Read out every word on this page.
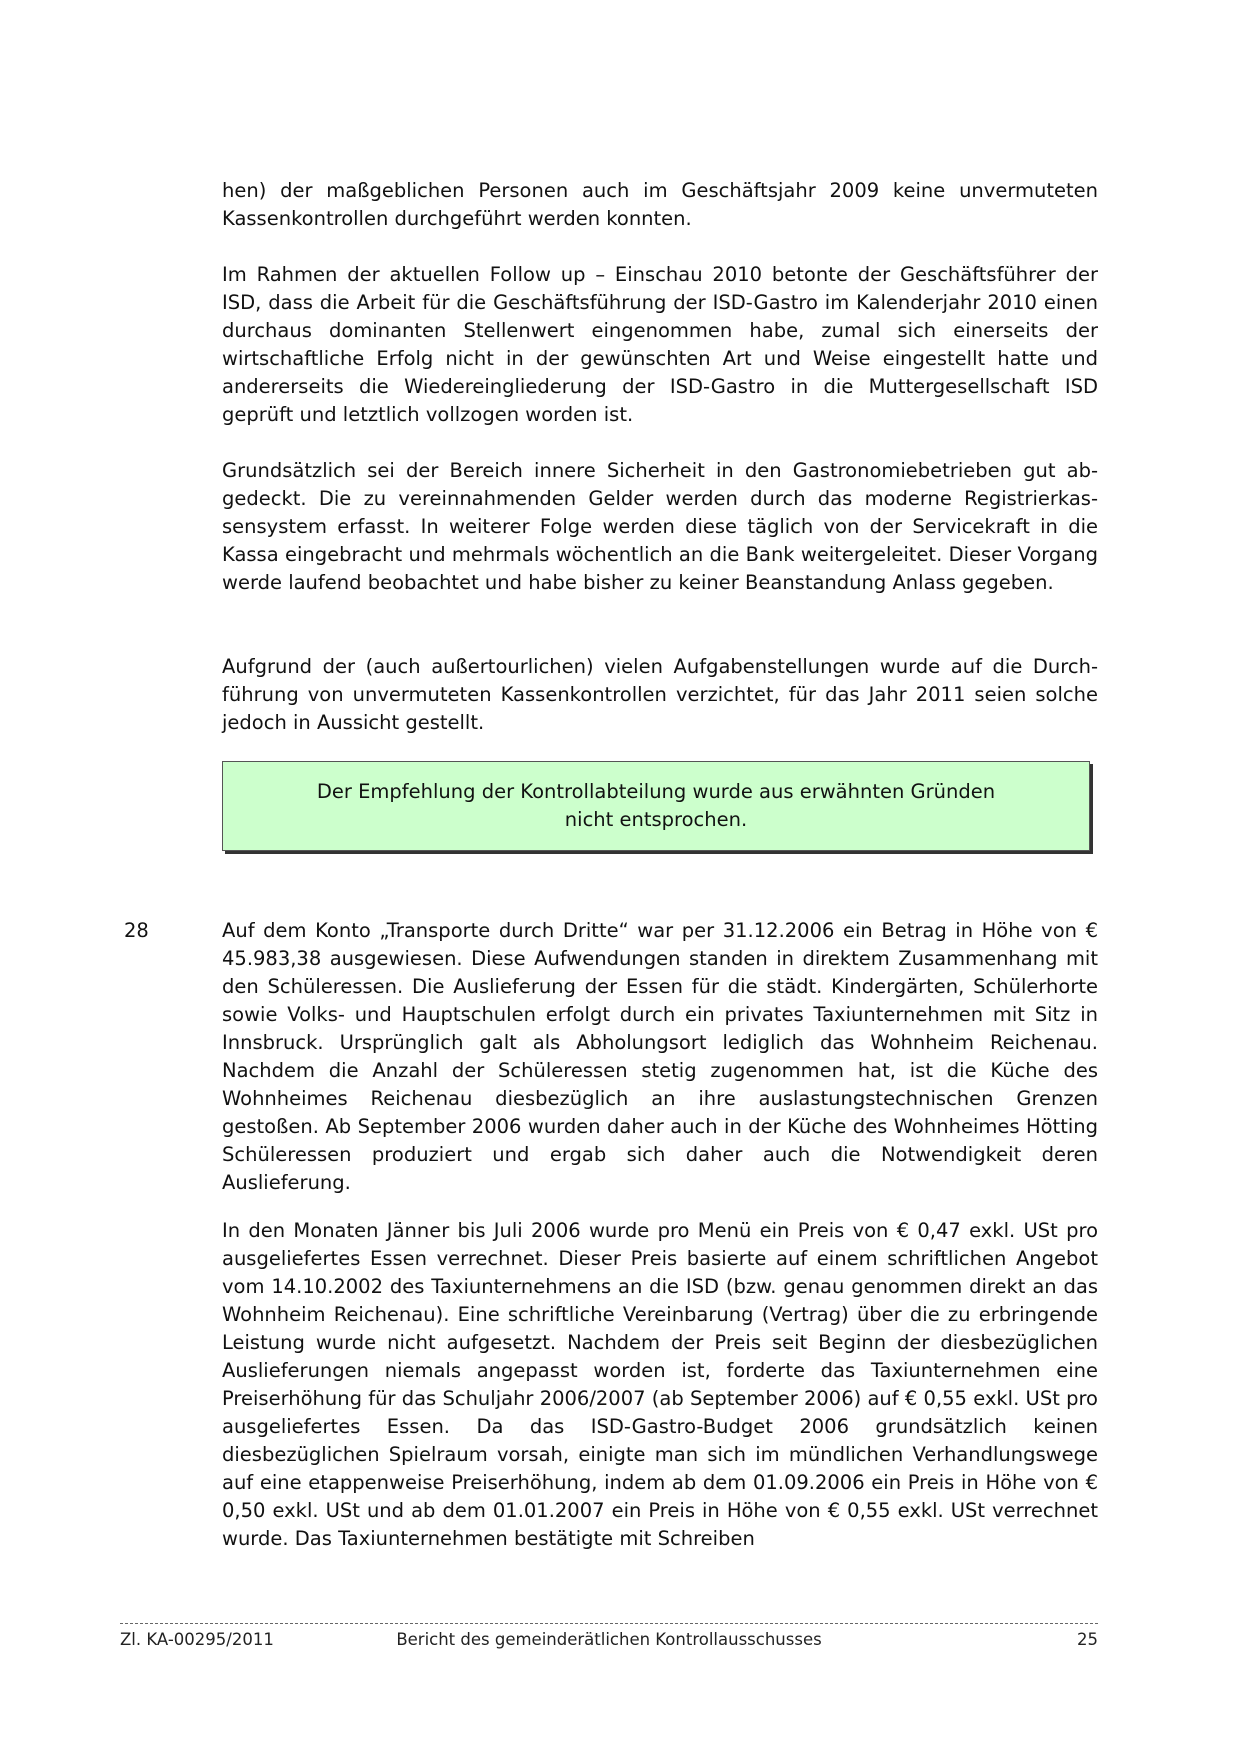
hen) der maßgeblichen Personen auch im Geschäftsjahr 2009 keine unvermuteten Kassenkontrollen durchgeführt werden konnten.

Im Rahmen der aktuellen Follow up – Einschau 2010 betonte der Geschäftsführer der ISD, dass die Arbeit für die Geschäftsführung der ISD-Gastro im Kalenderjahr 2010 einen durchaus dominanten Stellenwert eingenommen habe, zumal sich einerseits der wirtschaftliche Erfolg nicht in der gewünschten Art und Weise eingestellt hatte und andererseits die Wiedereingliederung der ISD-Gastro in die Muttergesellschaft ISD geprüft und letztlich vollzogen worden ist.

Grundsätzlich sei der Bereich innere Sicherheit in den Gastronomiebetrieben gut abgedeckt. Die zu vereinnahmenden Gelder werden durch das moderne Registrierkassensystem erfasst. In weiterer Folge werden diese täglich von der Servicekraft in die Kassa eingebracht und mehrmals wöchentlich an die Bank weitergeleitet. Dieser Vorgang werde laufend beobachtet und habe bisher zu keiner Beanstandung Anlass gegeben.

Aufgrund der (auch außertourlichen) vielen Aufgabenstellungen wurde auf die Durchführung von unvermuteten Kassenkontrollen verzichtet, für das Jahr 2011 seien solche jedoch in Aussicht gestellt.

Der Empfehlung der Kontrollabteilung wurde aus erwähnten Gründen nicht entsprochen.
28	Auf dem Konto „Transporte durch Dritte“ war per 31.12.2006 ein Betrag in Höhe von € 45.983,38 ausgewiesen. Diese Aufwendungen standen in direktem Zusammenhang mit den Schüleressen. Die Auslieferung der Essen für die städt. Kindergärten, Schülerhorte sowie Volks- und Hauptschulen erfolgt durch ein privates Taxiunternehmen mit Sitz in Innsbruck. Ursprünglich galt als Abholungsort lediglich das Wohnheim Reichenau. Nachdem die Anzahl der Schüleressen stetig zugenommen hat, ist die Küche des Wohnheimes Reichenau diesbezüglich an ihre auslastungstechnischen Grenzen gestoßen. Ab September 2006 wurden daher auch in der Küche des Wohnheimes Hötting Schüleressen produziert und ergab sich daher auch die Notwendigkeit deren Auslieferung.

In den Monaten Jänner bis Juli 2006 wurde pro Menü ein Preis von € 0,47 exkl. USt pro ausgeliefertes Essen verrechnet. Dieser Preis basierte auf einem schriftlichen Angebot vom 14.10.2002 des Taxiunternehmens an die ISD (bzw. genau genommen direkt an das Wohnheim Reichenau). Eine schriftliche Vereinbarung (Vertrag) über die zu erbringende Leistung wurde nicht aufgesetzt. Nachdem der Preis seit Beginn der diesbezüglichen Auslieferungen niemals angepasst worden ist, forderte das Taxiunternehmen eine Preiserhöhung für das Schuljahr 2006/2007 (ab September 2006) auf € 0,55 exkl. USt pro ausgeliefertes Essen. Da das ISD-Gastro-Budget 2006 grundsätzlich keinen diesbezüglichen Spielraum vorsah, einigte man sich im mündlichen Verhandlungswege auf eine etappenweise Preiserhöhung, indem ab dem 01.09.2006 ein Preis in Höhe von € 0,50 exkl. USt und ab dem 01.01.2007 ein Preis in Höhe von € 0,55 exkl. USt verrechnet wurde. Das Taxiunternehmen bestätigte mit Schreiben

Bericht des gemeinderätlichen Kontrollausschusses
Zl. KA-00295/2011	25
